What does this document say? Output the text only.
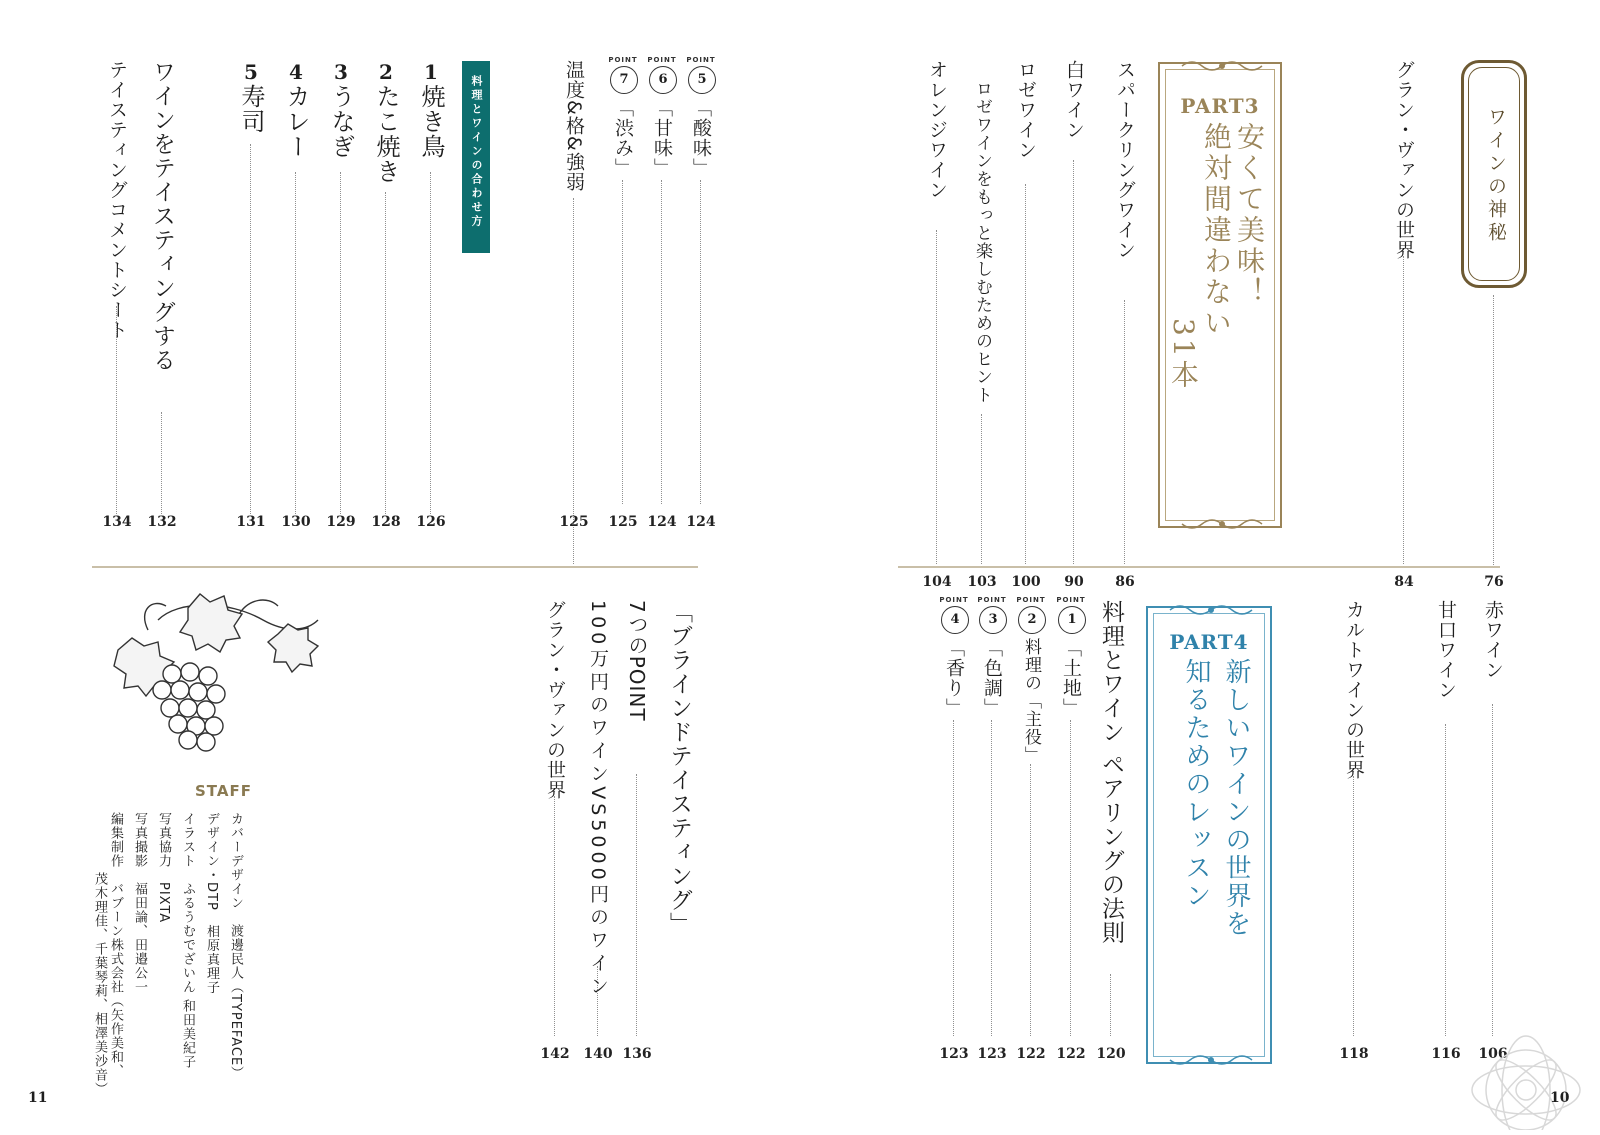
ワインの神秘
76
グラン・ヴァンの世界
84
PART3
安くて美味！
絶対間違わない
31本
スパークリングワイン
86
白ワイン
90
ロゼワイン
100
ロゼワインをもっと楽しむためのヒント
103
オレンジワイン
104
赤ワイン
106
甘口ワイン
116
カルトワインの世界
118
PART4
新しいワインの世界を
知るためのレッスン
料理とワイン ペアリングの法則
120
POINT
1
「土地」
122
POINT
2
料理の「主役」
122
POINT
3
「色調」
123
POINT
4
「香り」
123
10
POINT
5
「酸味」
124
POINT
6
「甘味」
124
POINT
7
「渋み」
125
温度&格&強弱
125
料理とワインの合わせ方
1
焼き鳥
126
2
たこ焼き
128
3
うなぎ
129
4
カレー
130
5
寿司
131
ワインをテイスティングする
132
テイスティングコメントシート
134
「ブラインドテイスティング」
7つのPOINT
136
100万円のワインVS5000円のワイン
140
グラン・ヴァンの世界
142
STAFF
カバーデザイン　渡邊民人（TYPEFACE）
デザイン・DTP　相原真理子
イラスト　ふるうむでざいん 和田美紀子
写真協力　PIXTA
写真撮影　福田論、田邉公一
編集制作　バブーン株式会社（矢作美和、
茂木理佳、千葉琴莉、相澤美沙音）
11
